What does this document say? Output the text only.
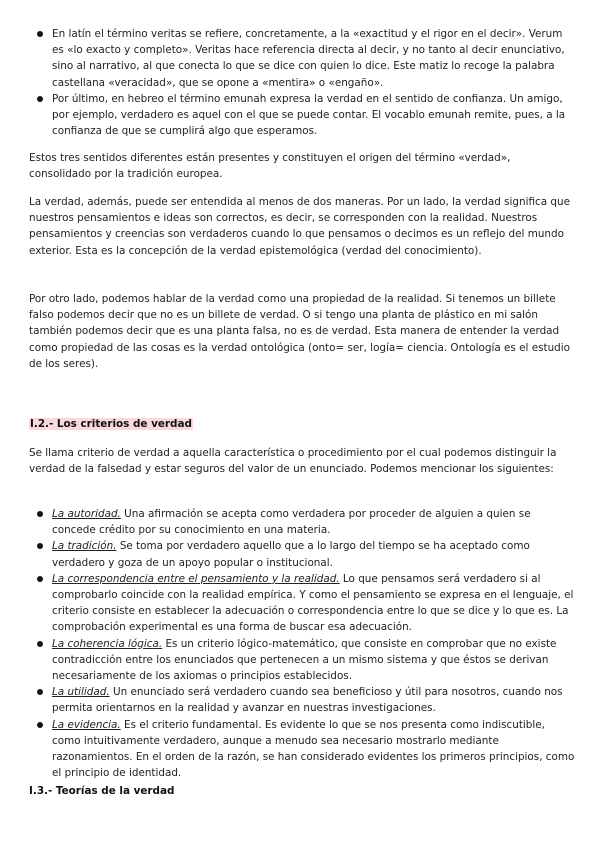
En latín el término veritas se refiere, concretamente, a la «exactitud y el rigor en el decir». Verum es «lo exacto y completo». Veritas hace referencia directa al decir, y no tanto al decir enunciativo, sino al narrativo, al que conecta lo que se dice con quien lo dice. Este matiz lo recoge la palabra castellana «veracidad», que se opone a «mentira» o «engaño».
Por último, en hebreo el término emunah expresa la verdad en el sentido de confianza. Un amigo, por ejemplo, verdadero es aquel con el que se puede contar. El vocablo emunah remite, pues, a la confianza de que se cumplirá algo que esperamos.

Estos tres sentidos diferentes están presentes y constituyen el origen del término «verdad», consolidado por la tradición europea.

La verdad, además, puede ser entendida al menos de dos maneras. Por un lado, la verdad significa que nuestros pensamientos e ideas son correctos, es decir, se corresponden con la realidad. Nuestros pensamientos y creencias son verdaderos cuando lo que pensamos o decimos es un reflejo del mundo exterior. Esta es la concepción de la verdad epistemológica (verdad del conocimiento).

Por otro lado, podemos hablar de la verdad como una propiedad de la realidad. Si tenemos un billete falso podemos decir que no es un billete de verdad. O si tengo una planta de plástico en mi salón también podemos decir que es una planta falsa, no es de verdad. Esta manera de entender la verdad como propiedad de las cosas es la verdad ontológica (onto= ser, logía= ciencia. Ontología es el estudio de los seres).

I.2.- Los criterios de verdad

Se llama criterio de verdad a aquella característica o procedimiento por el cual podemos distinguir la verdad de la falsedad y estar seguros del valor de un enunciado. Podemos mencionar los siguientes:

La autoridad. Una afirmación se acepta como verdadera por proceder de alguien a quien se concede crédito por su conocimiento en una materia.
La tradición. Se toma por verdadero aquello que a lo largo del tiempo se ha aceptado como verdadero y goza de un apoyo popular o institucional.
La correspondencia entre el pensamiento y la realidad. Lo que pensamos será verdadero si al comprobarlo coincide con la realidad empírica. Y como el pensamiento se expresa en el lenguaje, el criterio consiste en establecer la adecuación o correspondencia entre lo que se dice y lo que es. La comprobación experimental es una forma de buscar esa adecuación.
La coherencia lógica. Es un criterio lógico-matemático, que consiste en comprobar que no existe contradicción entre los enunciados que pertenecen a un mismo sistema y que éstos se derivan necesariamente de los axiomas o principios establecidos.
La utilidad. Un enunciado será verdadero cuando sea beneficioso y útil para nosotros, cuando nos permita orientarnos en la realidad y avanzar en nuestras investigaciones.
La evidencia. Es el criterio fundamental. Es evidente lo que se nos presenta como indiscutible, como intuitivamente verdadero, aunque a menudo sea necesario mostrarlo mediante razonamientos. En el orden de la razón, se han considerado evidentes los primeros principios, como el principio de identidad.
I.3.- Teorías de la verdad
